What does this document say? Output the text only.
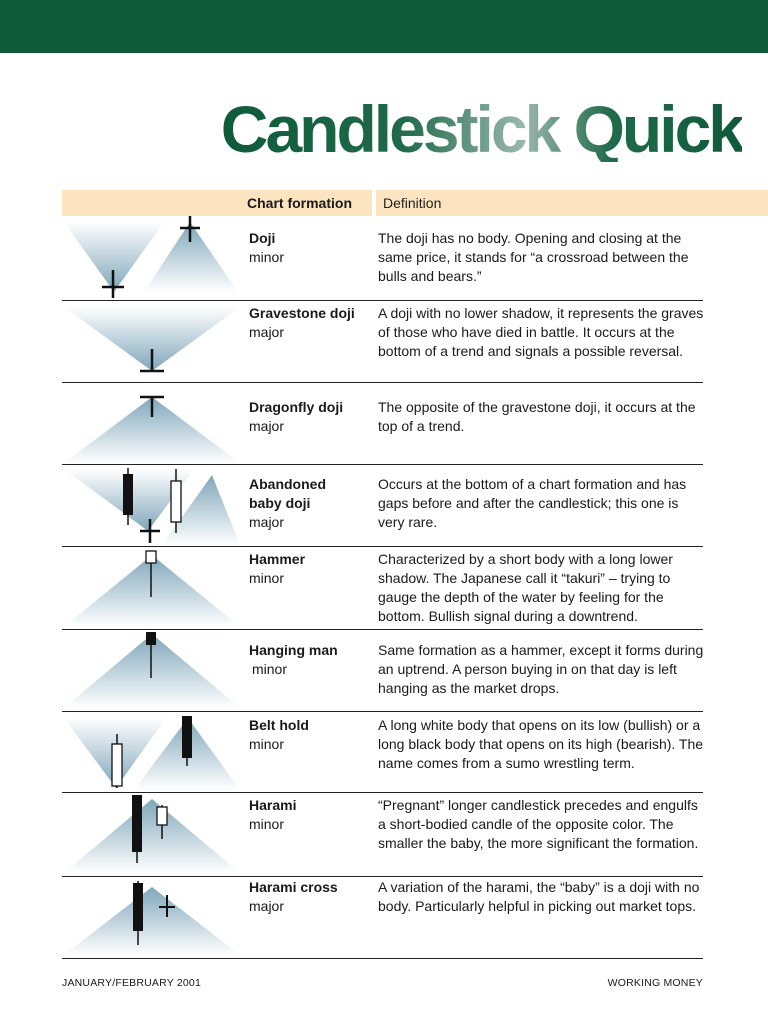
Candlestick Quick
Chart formation	Definition
Doji
minor
The doji has no body. Opening and closing at the same price, it stands for “a crossroad between the bulls and bears.”
Gravestone doji
major
A doji with no lower shadow, it represents the graves of those who have died in battle. It occurs at the bottom of a trend and signals a possible reversal.
Dragonfly doji
major
The opposite of the gravestone doji, it occurs at the top of a trend.
Abandoned baby doji
major
Occurs at the bottom of a chart formation and has gaps before and after the candlestick; this one is very rare.
Hammer
minor
Characterized by a short body with a long lower shadow. The Japanese call it “takuri” – trying to gauge the depth of the water by feeling for the bottom. Bullish signal during a downtrend.
Hanging man
minor
Same formation as a hammer, except it forms during an uptrend. A person buying in on that day is left hanging as the market drops.
Belt hold
minor
A long white body that opens on its low (bullish) or a long black body that opens on its high (bearish). The name comes from a sumo wrestling term.
Harami
minor
“Pregnant” longer candlestick precedes and engulfs a short-bodied candle of the opposite color. The smaller the baby, the more significant the formation.
Harami cross
major
A variation of the harami, the “baby” is a doji with no body. Particularly helpful in picking out market tops.
JANUARY/FEBRUARY 2001	WORKING MONEY
